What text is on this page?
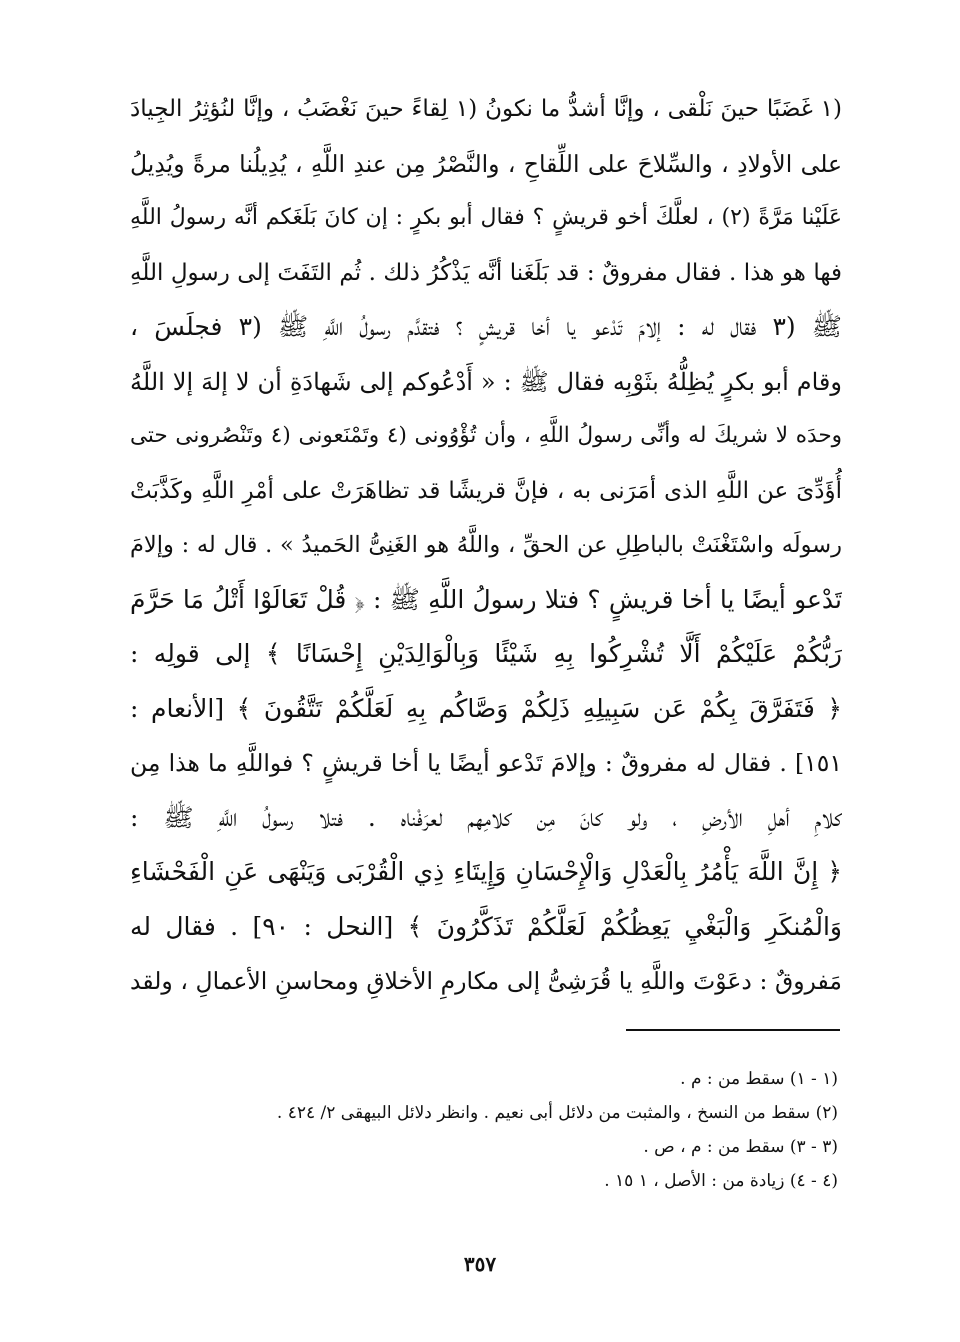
(١ غَضَبًا حينَ نَلْقى ، وإنَّا أشدُّ ما نكونُ (١ لِقاءً حينَ نَغْضَبُ ، وإنَّا لنُؤثِرُ الجِيادَ
على الأولادِ ، والسِّلاحَ على اللِّقاحِ ، والنَّصْرُ مِن عندِ اللَّهِ ، يُدِيلُنا مرةً ويُدِيلُ
عَلَيْنا مَرَّةً (٢) ، لعلَّكَ أخو قريشٍ ؟ فقال أبو بكرٍ : إن كانَ بَلَغَكم أنَّه رسولُ اللَّهِ
فها هو هذا . فقال مفروقٌ : قد بَلَغَنا أنَّه يَذْكُرُ ذلك . ثُم التَفَتَ إلى رسولِ اللَّهِ
ﷺ (٣ فقال له : إلامَ تَدْعو يا أخا قريشٍ ؟ فتقدَّم رسولُ اللَّهِ ﷺ (٣ فجلَسَ ،
وقام أبو بكرٍ يُظِلُّهُ بثَوْبِه فقال ﷺ : « أَدْعُوكم إلى شَهادَةِ أن لا إلهَ إلا اللَّهُ
وحدَه لا شريكَ له وأنِّى رسولُ اللَّهِ ، وأن تُؤْوُونى (٤ وتَمْنَعونى (٤ وتَنْصُرونى حتى
أُؤَدِّىَ عن اللَّهِ الذى أمَرَنى به ، فإنَّ قريشًا قد تظاهَرَتْ على أمْرِ اللَّهِ وكَذَّبَتْ
رسولَه واسْتَغْنَتْ بالباطِلِ عن الحقِّ ، واللَّهُ هو الغَنِىُّ الحَميدُ » . قال له : وإلامَ
تَدْعو أيضًا يا أخا قريشٍ ؟ فتلا رسولُ اللَّهِ ﷺ : ﴿ قُلْ تَعَالَوْا أَتْلُ مَا حَرَّمَ
رَبُّكُمْ عَلَيْكُمْ أَلَّا تُشْرِكُوا بِهِ شَيْئًا وَبِالْوَالِدَيْنِ إِحْسَانًا ﴾ إلى قولِه :
﴿ فَتَفَرَّقَ بِكُمْ عَن سَبِيلِهِ ذَلِكُمْ وَصَّاكُم بِهِ لَعَلَّكُمْ تَتَّقُونَ ﴾ [الأنعام :
١٥١] . فقال له مفروقٌ : وإلامَ تَدْعو أيضًا يا أخا قريشٍ ؟ فواللَّهِ ما هذا مِن
كلامِ أهلِ الأرضِ ، ولو كانَ مِن كلامِهم لعرَفْناه . فتلا رسولُ اللَّهِ ﷺ :
﴿ إِنَّ اللَّهَ يَأْمُرُ بِالْعَدْلِ وَالْإِحْسَانِ وَإِيتَاءِ ذِي الْقُرْبَى وَيَنْهَى عَنِ الْفَحْشَاءِ
وَالْمُنكَرِ وَالْبَغْيِ يَعِظُكُمْ لَعَلَّكُمْ تَذَكَّرُونَ ﴾ [النحل : ٩٠] . فقال له
مَفروقٌ : دعَوْتَ واللَّهِ يا قُرَشِىُّ إلى مكارمِ الأخلاقِ ومحاسنِ الأعمالِ ، ولقد
(١ - ١) سقط من : م .
(٢) سقط من النسخ ، والمثبت من دلائل أبى نعيم . وانظر دلائل البيهقى ٢/ ٤٢٤ .
(٣ - ٣) سقط من : م ، ص .
(٤ - ٤) زيادة من : الأصل ، ١ ١٥ .
٣٥٧
